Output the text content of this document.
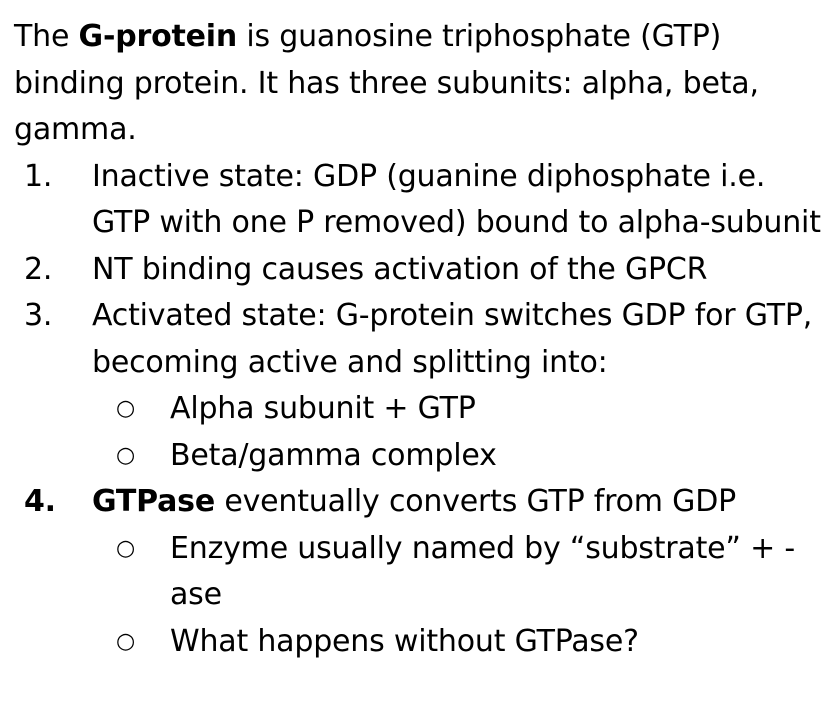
The G-protein is guanosine triphosphate (GTP) binding protein. It has three subunits: alpha, beta, gamma.

1.	Inactive state: GDP (guanine diphosphate i.e. GTP with one P removed) bound to alpha-subunit
2.	NT binding causes activation of the GPCR
3.	Activated state: G-protein switches GDP for GTP, becoming active and splitting into:
○ Alpha subunit + GTP
○ Beta/gamma complex
4. GTPase eventually converts GTP from GDP
○ Enzyme usually named by “substrate” + -ase
○ What happens without GTPase?
